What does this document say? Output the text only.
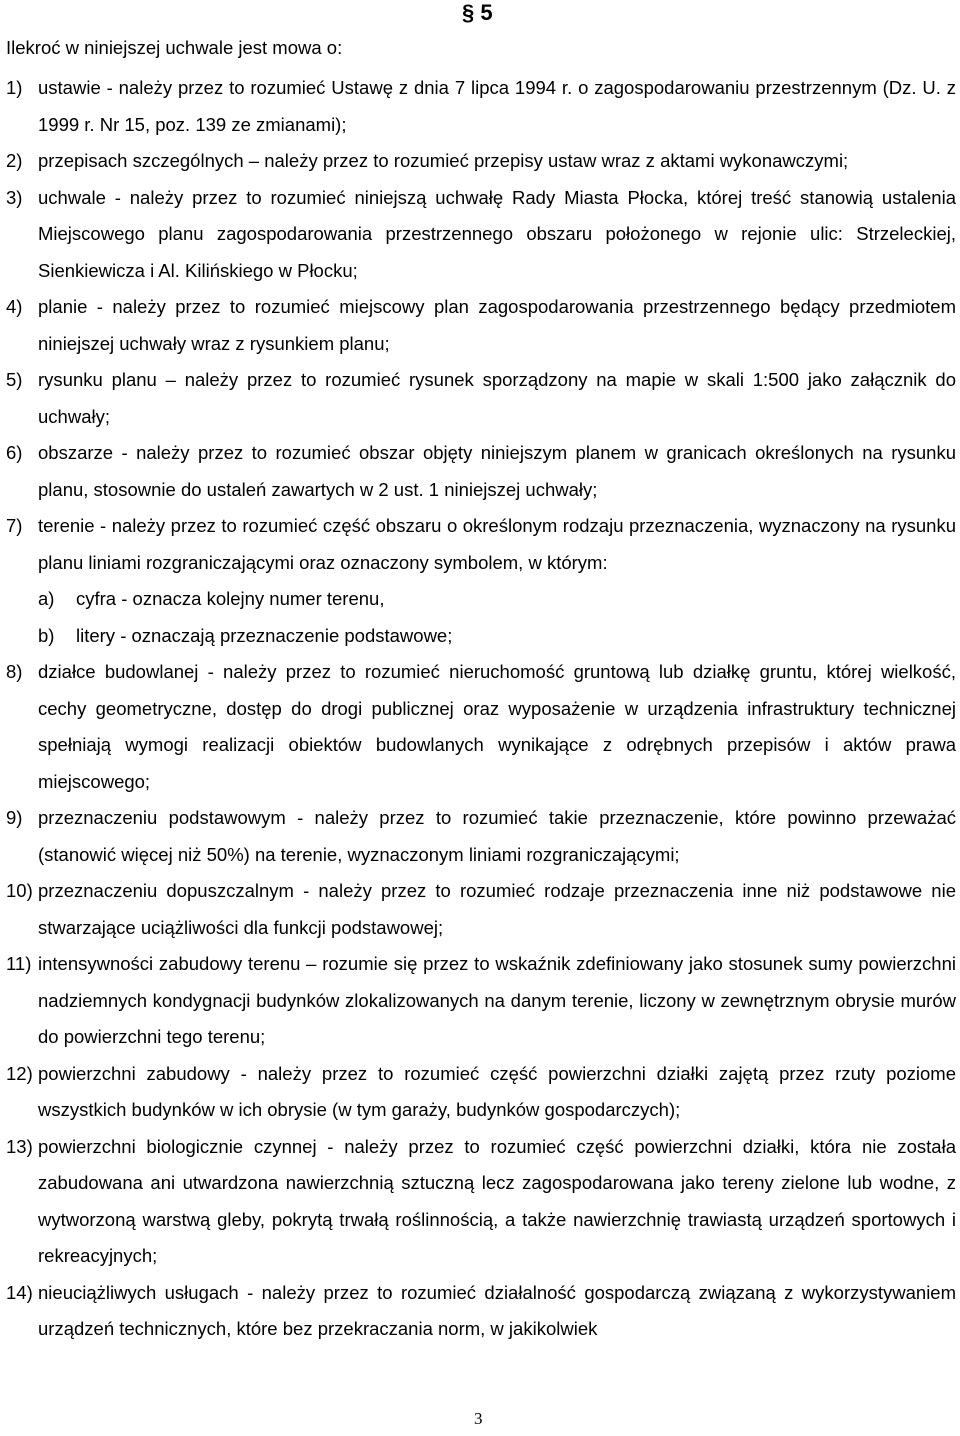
§ 5
Ilekroć w niniejszej uchwale jest mowa o:
1) ustawie - należy przez to rozumieć Ustawę z dnia 7 lipca 1994 r. o zagospodarowaniu przestrzennym (Dz. U. z 1999 r. Nr 15, poz. 139 ze zmianami);
2) przepisach szczególnych – należy przez to rozumieć przepisy ustaw wraz z aktami wykonawczymi;
3) uchwale - należy przez to rozumieć niniejszą uchwałę Rady Miasta Płocka, której treść stanowią ustalenia Miejscowego planu zagospodarowania przestrzennego obszaru położonego w rejonie ulic: Strzeleckiej, Sienkiewicza i Al. Kilińskiego w Płocku;
4) planie - należy przez to rozumieć miejscowy plan zagospodarowania przestrzennego będący przedmiotem niniejszej uchwały wraz z rysunkiem planu;
5) rysunku planu – należy przez to rozumieć rysunek sporządzony na mapie w skali 1:500 jako załącznik do uchwały;
6) obszarze - należy przez to rozumieć obszar objęty niniejszym planem w granicach określonych na rysunku planu, stosownie do ustaleń zawartych w 2 ust. 1 niniejszej uchwały;
7) terenie - należy przez to rozumieć część obszaru o określonym rodzaju przeznaczenia, wyznaczony na rysunku planu liniami rozgraniczającymi oraz oznaczony symbolem, w którym:
a) cyfra - oznacza kolejny numer terenu,
b) litery - oznaczają przeznaczenie podstawowe;
8) działce budowlanej - należy przez to rozumieć nieruchomość gruntową lub działkę gruntu, której wielkość, cechy geometryczne, dostęp do drogi publicznej oraz wyposażenie w urządzenia infrastruktury technicznej spełniają wymogi realizacji obiektów budowlanych wynikające z odrębnych przepisów i aktów prawa miejscowego;
9) przeznaczeniu podstawowym - należy przez to rozumieć takie przeznaczenie, które powinno przeważać (stanowić więcej niż 50%) na terenie, wyznaczonym liniami rozgraniczającymi;
10) przeznaczeniu dopuszczalnym - należy przez to rozumieć rodzaje przeznaczenia inne niż podstawowe nie stwarzające uciążliwości dla funkcji podstawowej;
11) intensywności zabudowy terenu – rozumie się przez to wskaźnik zdefiniowany jako stosunek sumy powierzchni nadziemnych kondygnacji budynków zlokalizowanych na danym terenie, liczony w zewnętrznym obrysie murów do powierzchni tego terenu;
12) powierzchni zabudowy - należy przez to rozumieć część powierzchni działki zajętą przez rzuty poziome wszystkich budynków w ich obrysie (w tym garaży, budynków gospodarczych);
13) powierzchni biologicznie czynnej - należy przez to rozumieć część powierzchni działki, która nie została zabudowana ani utwardzona nawierzchnią sztuczną lecz zagospodarowana jako tereny zielone lub wodne, z wytworzoną warstwą gleby, pokrytą trwałą roślinnością, a także nawierzchnię trawiastą urządzeń sportowych i rekreacyjnych;
14) nieuciążliwych usługach - należy przez to rozumieć działalność gospodarczą związaną z wykorzystywaniem urządzeń technicznych, które bez przekraczania norm, w jakikolwiek
3
